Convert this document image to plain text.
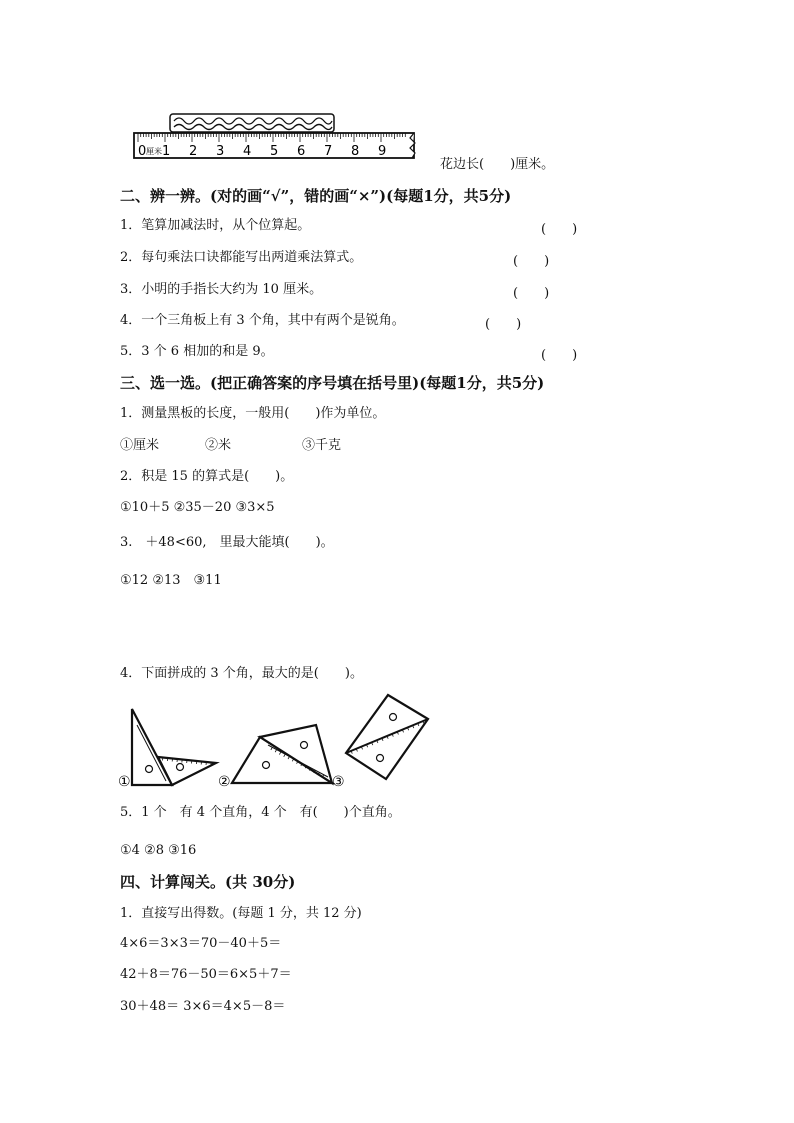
厘米
0 1 2 3 4 5 6 7 8 9
花边长(　　)厘米。
二、辨一辨。(对的画“√”，错的画“×”)(每题1分，共5分)
1．笔算加减法时，从个位算起。	(　　)
2．每句乘法口诀都能写出两道乘法算式。	(　　)
3．小明的手指长大约为 10 厘米。	(　　)
4．一个三角板上有 3 个角，其中有两个是锐角。	(　　)
5．3 个 6 相加的和是 9。	(　　)
三、选一选。(把正确答案的序号填在括号里)(每题1分，共5分)
1．测量黑板的长度，一般用(　　)作为单位。
①厘米	②米	③千克
2．积是 15 的算式是(　　)。
①10＋5 ②35－20 ③3×5
3.　＋48<60,　里最大能填(　　)。
①12 ②13　③11
4．下面拼成的 3 个角，最大的是(　　)。
①	②	③
5．1 个　有 4 个直角，4 个　有(　　)个直角。
①4 ②8 ③16
四、计算闯关。(共 30分)
1．直接写出得数。(每题 1 分，共 12 分)
4×6＝3×3＝70－40＋5＝
42＋8＝76－50＝6×5＋7＝
30＋48＝ 3×6＝4×5－8＝
